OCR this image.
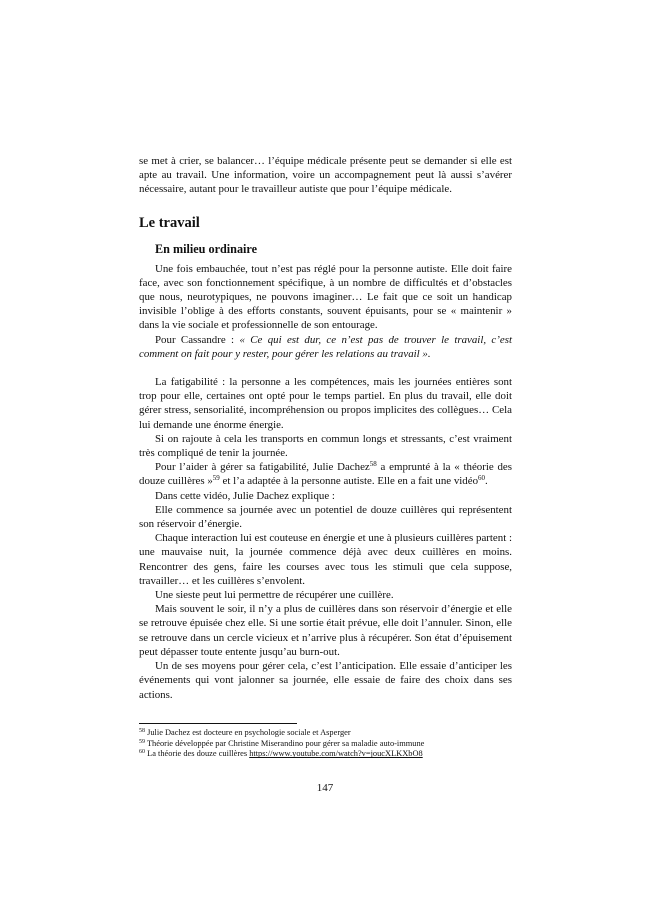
se met à crier, se balancer… l’équipe médicale présente peut se demander si elle est apte au travail. Une information, voire un accompagnement peut là aussi s’avérer nécessaire, autant pour le travailleur autiste que pour l’équipe médicale.

Le travail
En milieu ordinaire

Une fois embauchée, tout n’est pas réglé pour la personne autiste. Elle doit faire face, avec son fonctionnement spécifique, à un nombre de difficultés et d’obstacles que nous, neurotypiques, ne pouvons imaginer… Le fait que ce soit un handicap invisible l’oblige à des efforts constants, souvent épuisants, pour se « maintenir » dans la vie sociale et professionnelle de son entourage.

Pour Cassandre : « Ce qui est dur, ce n’est pas de trouver le travail, c’est comment on fait pour y rester, pour gérer les relations au travail ».

La fatigabilité : la personne a les compétences, mais les journées entières sont trop pour elle, certaines ont opté pour le temps partiel. En plus du travail, elle doit gérer stress, sensorialité, incompréhension ou propos implicites des collègues… Cela lui demande une énorme énergie.

Si on rajoute à cela les transports en commun longs et stressants, c’est vraiment très compliqué de tenir la journée.

Pour l’aider à gérer sa fatigabilité, Julie Dachez$^{58}$ a emprunté à la « théorie des douze cuillères »$^{59}$ et l’a adaptée à la personne autiste. Elle en a fait une vidéo$^{60}$.

Dans cette vidéo, Julie Dachez explique :

Elle commence sa journée avec un potentiel de douze cuillères qui représentent son réservoir d’énergie.

Chaque interaction lui est couteuse en énergie et une à plusieurs cuillères partent : une mauvaise nuit, la journée commence déjà avec deux cuillères en moins. Rencontrer des gens, faire les courses avec tous les stimuli que cela suppose, travailler… et les cuillères s’envolent.

Une sieste peut lui permettre de récupérer une cuillère.

Mais souvent le soir, il n’y a plus de cuillères dans son réservoir d’énergie et elle se retrouve épuisée chez elle. Si une sortie était prévue, elle doit l’annuler. Sinon, elle se retrouve dans un cercle vicieux et n’arrive plus à récupérer. Son état d’épuisement peut dépasser toute entente jusqu’au burn-out.

Un de ses moyens pour gérer cela, c’est l’anticipation. Elle essaie d’anticiper les événements qui vont jalonner sa journée, elle essaie de faire des choix dans ses actions.

$^{58}$ Julie Dachez est docteure en psychologie sociale et Asperger
$^{59}$ Théorie développée par Christine Miserandino pour gérer sa maladie auto-immune
$^{60}$ La théorie des douze cuillères https://www.youtube.com/watch?v=joucXLKXbO8
147
